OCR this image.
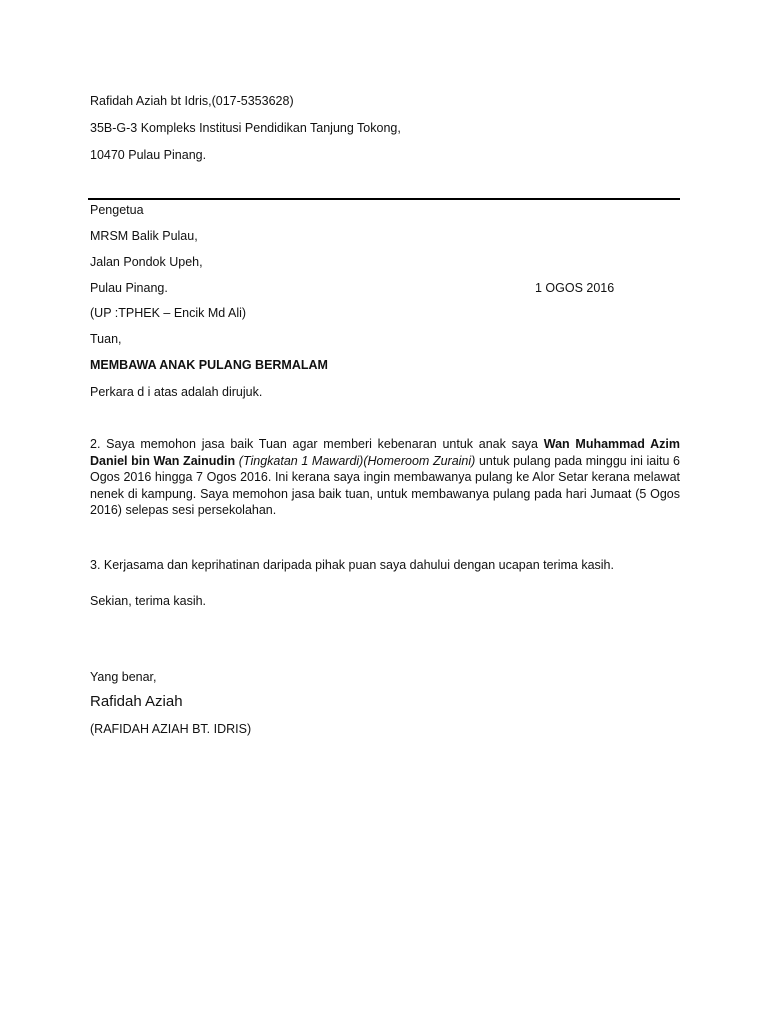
Rafidah Aziah bt Idris,(017-5353628)
35B-G-3 Kompleks Institusi Pendidikan Tanjung Tokong,
10470 Pulau Pinang.
Pengetua
MRSM Balik Pulau,
Jalan Pondok Upeh,
Pulau Pinang.	1 OGOS 2016
(UP :TPHEK – Encik Md Ali)
Tuan,
MEMBAWA ANAK PULANG BERMALAM
Perkara d i atas adalah dirujuk.
2. Saya memohon jasa baik Tuan agar memberi kebenaran untuk anak saya Wan Muhammad Azim Daniel bin Wan Zainudin (Tingkatan 1 Mawardi)(Homeroom Zuraini) untuk pulang pada minggu ini iaitu 6 Ogos 2016 hingga 7 Ogos 2016. Ini kerana saya ingin membawanya pulang ke Alor Setar kerana melawat nenek di kampung. Saya memohon jasa baik tuan, untuk membawanya pulang pada hari Jumaat (5 Ogos 2016) selepas sesi persekolahan.
3. Kerjasama dan keprihatinan daripada pihak puan saya dahului dengan ucapan terima kasih.
Sekian, terima kasih.
Yang benar,
Rafidah Aziah
(RAFIDAH AZIAH BT. IDRIS)
